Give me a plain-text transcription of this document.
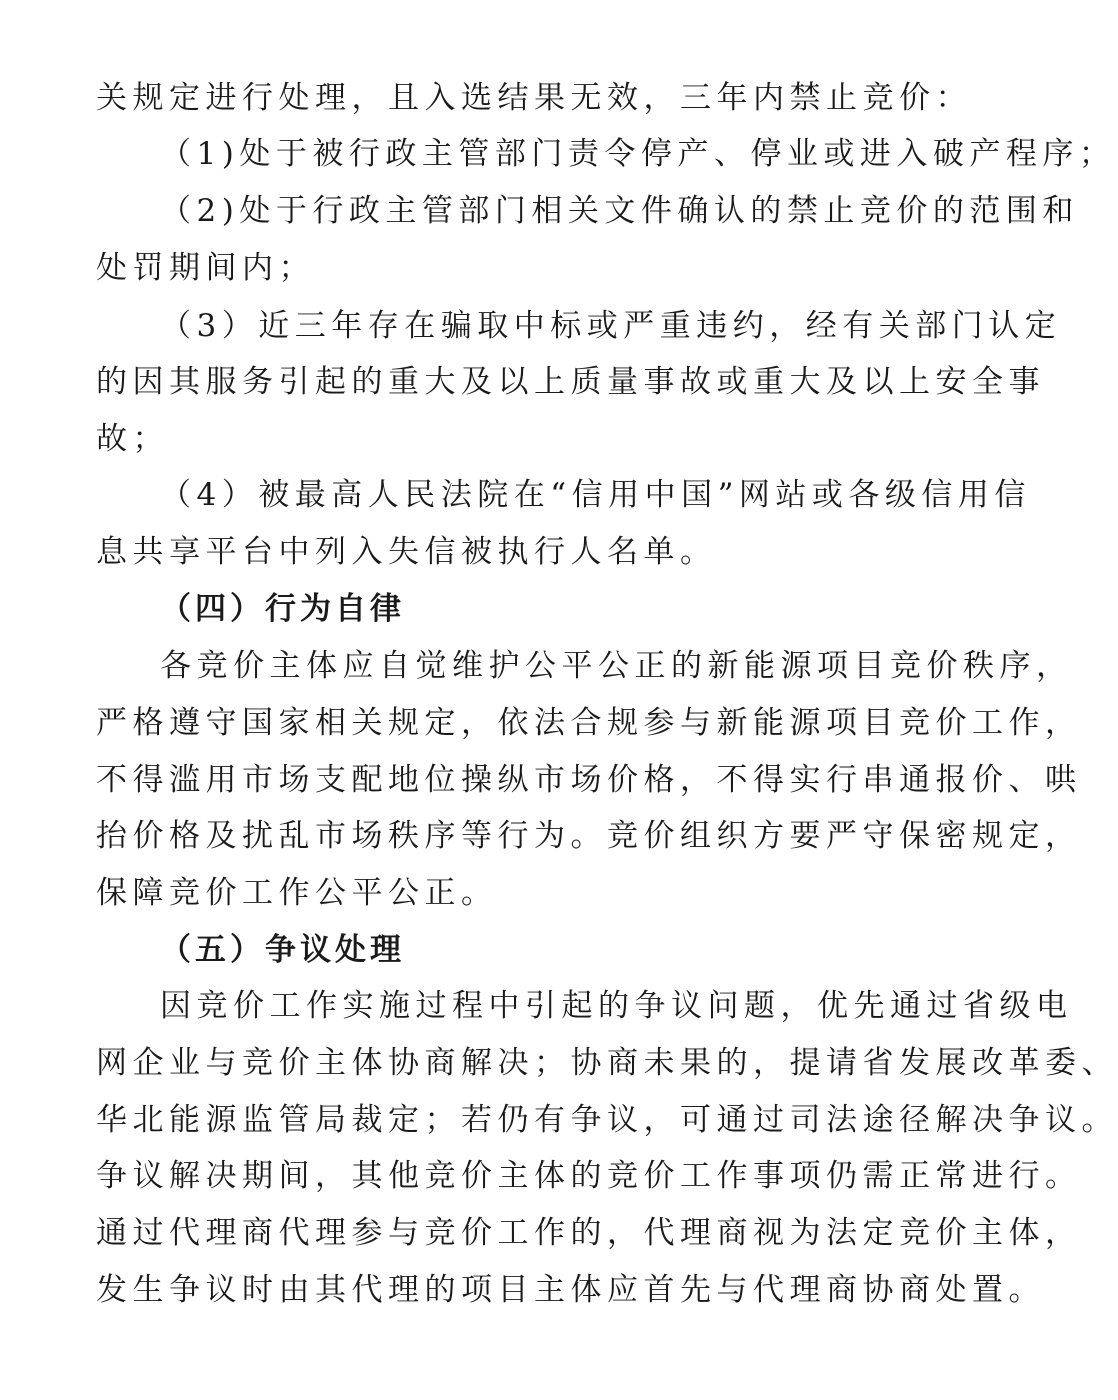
关规定进行处理，且入选结果无效，三年内禁止竞价：
（1)处于被行政主管部门责令停产、停业或进入破产程序；
（2)处于行政主管部门相关文件确认的禁止竞价的范围和
处罚期间内；
（3）近三年存在骗取中标或严重违约，经有关部门认定
的因其服务引起的重大及以上质量事故或重大及以上安全事
故；
（4）被最高人民法院在“信用中国”网站或各级信用信
息共享平台中列入失信被执行人名单。
（四）行为自律
各竞价主体应自觉维护公平公正的新能源项目竞价秩序，
严格遵守国家相关规定，依法合规参与新能源项目竞价工作，
不得滥用市场支配地位操纵市场价格，不得实行串通报价、哄
抬价格及扰乱市场秩序等行为。竞价组织方要严守保密规定，
保障竞价工作公平公正。
（五）争议处理
因竞价工作实施过程中引起的争议问题，优先通过省级电
网企业与竞价主体协商解决；协商未果的，提请省发展改革委、
华北能源监管局裁定；若仍有争议，可通过司法途径解决争议。
争议解决期间，其他竞价主体的竞价工作事项仍需正常进行。
通过代理商代理参与竞价工作的，代理商视为法定竞价主体，
发生争议时由其代理的项目主体应首先与代理商协商处置。
